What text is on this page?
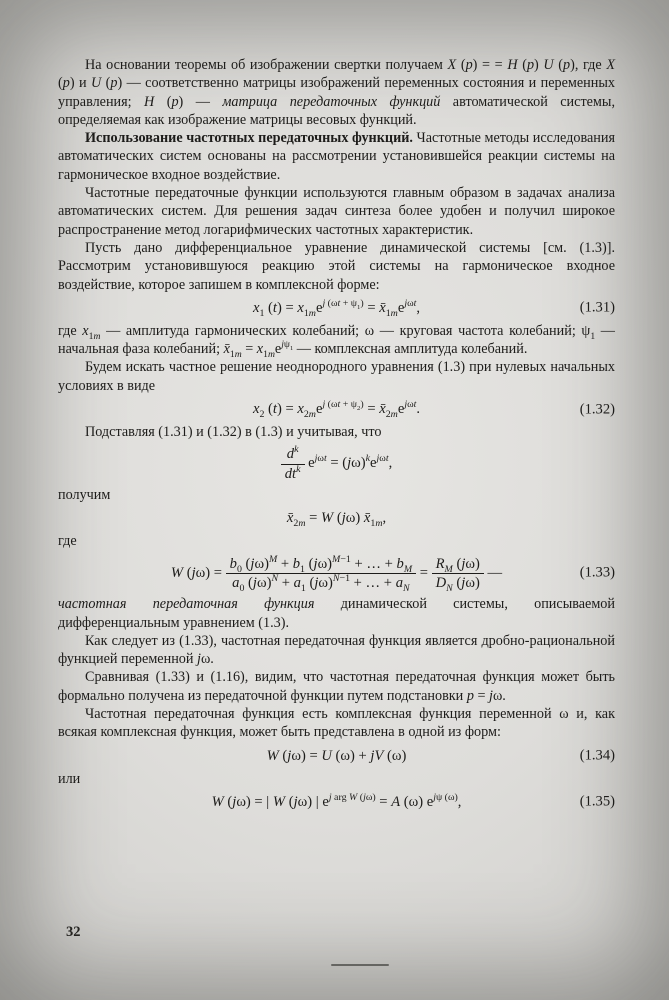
На основании теоремы об изображении свертки получаем X (p) = = H (p) U (p), где X (p) и U (p) — соответственно матрицы изображений переменных состояния и переменных управления; H (p) — матрица передаточных функций автоматической системы, определяемая как изображение матрицы весовых функций.

Использование частотных передаточных функций. Частотные методы исследования автоматических систем основаны на рассмотрении установившейся реакции системы на гармоническое входное воздействие.

Частотные передаточные функции используются главным образом в задачах анализа автоматических систем. Для решения задач синтеза более удобен и получил широкое распространение метод логарифмических частотных характеристик.

Пусть дано дифференциальное уравнение динамической системы [см. (1.3)]. Рассмотрим установившуюся реакцию этой системы на гармоническое входное воздействие, которое запишем в комплексной форме:

$x_1$ $(t) = x_{1m}e^{j (\omega t + \psi_1)}$ = $x̄_{1m}e^{j\omega t}$,	(1.31)

где $x_{1m}$ — амплитуда гармонических колебаний; ω — круговая частота колебаний; $\psi_1$ — начальная фаза колебаний; $x̄_{1m} = x_{1m}e^{j\psi_1}$ — комплексная амплитуда колебаний.

Будем искать частное решение неоднородного уравнения (1.3) при нулевых начальных условиях в виде

$x_2$ $(t) = x_{2m}e^{j (\omega t + \psi_2)}$ = $x̄_{2m}e^{j\omega t}$.	(1.32)

Подставляя (1.31) и (1.32) в (1.3) и учитывая, что

$\frac{d^k}{dt^k} e^{j\omega t} = (j\omega)^ke^{j\omega t}$,

получим

$x̄_{2m} = W$ (jω) $x̄_{1m}$,

где

W $(j\omega) = \frac{b_0 (j\omega)^M + b_1 (j\omega)^{M-1} + \dots + b_M}{a_0 (j\omega)^N + a_1 (j\omega)^{N-1} + \dots + a_N} = \frac{R_M (j\omega)}{D_N (j\omega)}$ —	(1.33)

частотная передаточная функция динамической системы, описываемой дифференциальным уравнением (1.3).

Как следует из (1.33), частотная передаточная функция является дробно-рациональной функцией переменной jω.

Сравнивая (1.33) и (1.16), видим, что частотная передаточная функция может быть формально получена из передаточной функции путем подстановки p = jω.

Частотная передаточная функция есть комплексная функция переменной ω и, как всякая комплексная функция, может быть представлена в одной из форм:

W (jω) = U (ω) + jV (ω)	(1.34)

или

W (jω) = | W (jω) | $e^{j arg W (j\omega)} = A$ (ω) $e^{j\psi (\omega)}$,	(1.35)
32
